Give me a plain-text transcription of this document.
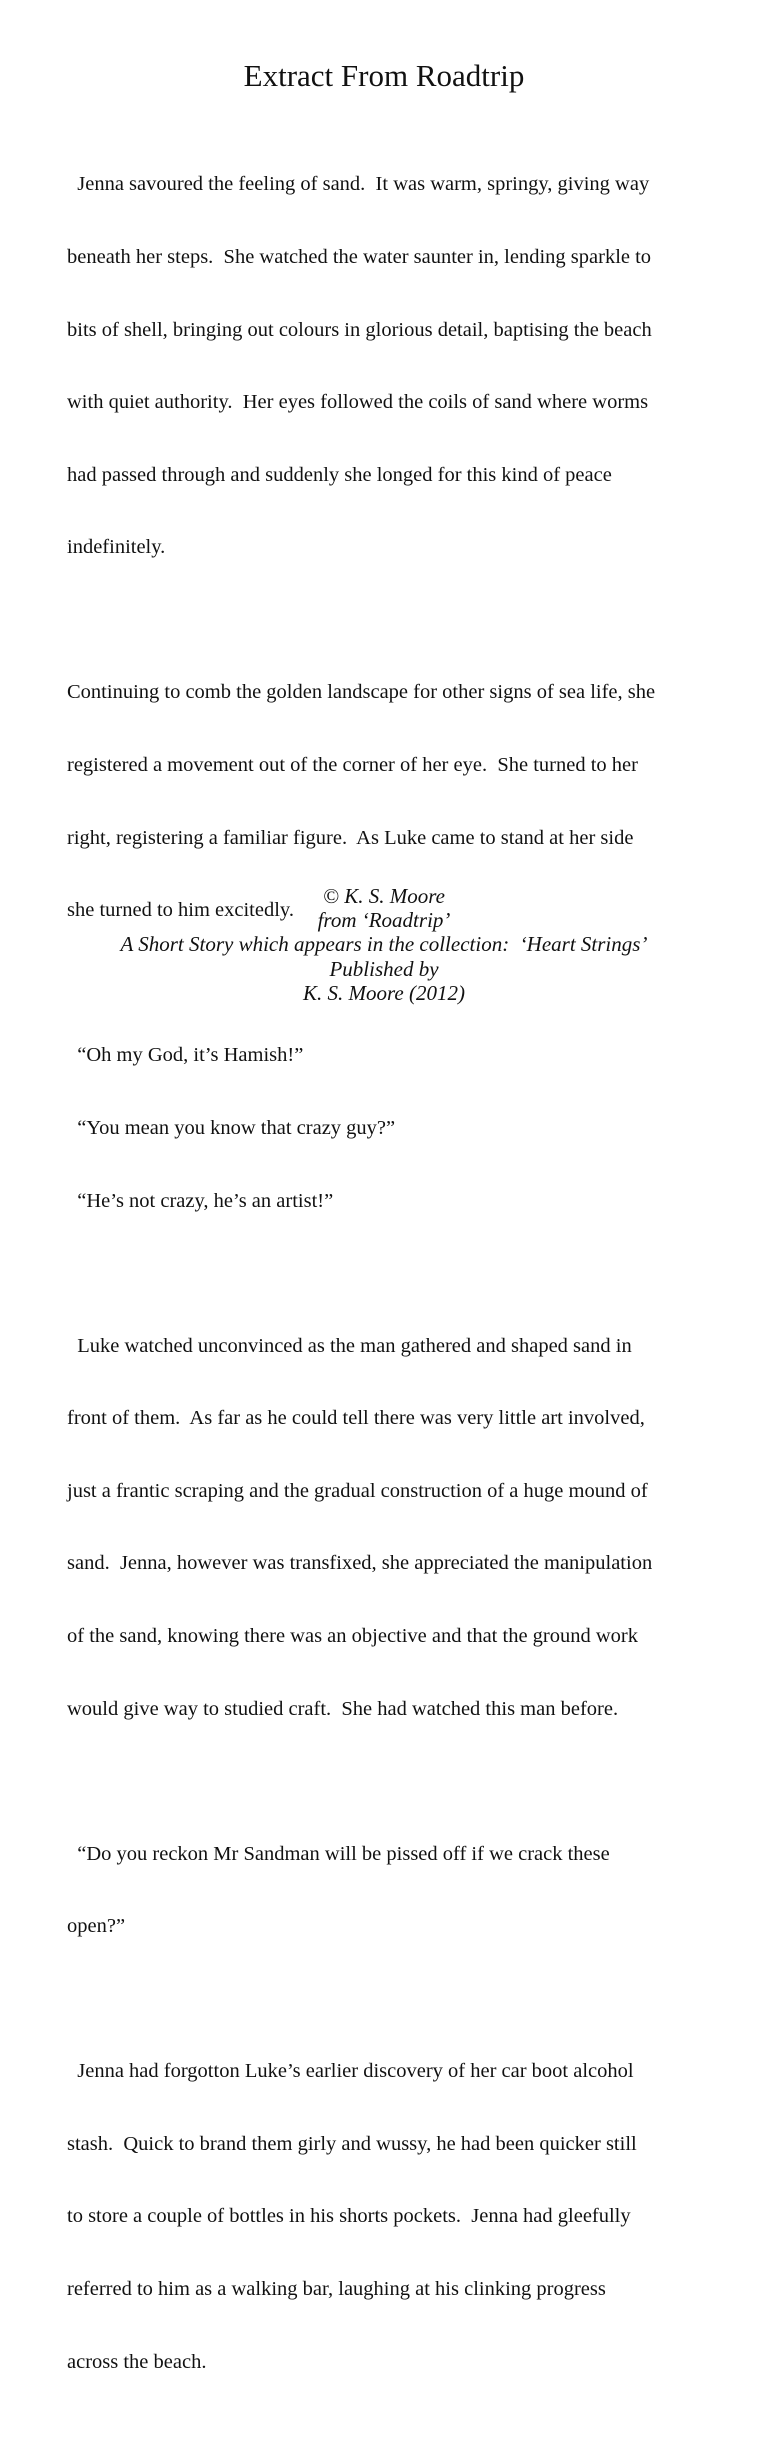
Extract From Roadtrip

Jenna savoured the feeling of sand.  It was warm, springy, giving way

beneath her steps.  She watched the water saunter in, lending sparkle to

bits of shell, bringing out colours in glorious detail, baptising the beach

with quiet authority.  Her eyes followed the coils of sand where worms

had passed through and suddenly she longed for this kind of peace

indefinitely.

Continuing to comb the golden landscape for other signs of sea life, she

registered a movement out of the corner of her eye.  She turned to her

right, registering a familiar figure.  As Luke came to stand at her side

she turned to him excitedly.

“Oh my God, it’s Hamish!”

“You mean you know that crazy guy?”

“He’s not crazy, he’s an artist!”

Luke watched unconvinced as the man gathered and shaped sand in

front of them.  As far as he could tell there was very little art involved,

just a frantic scraping and the gradual construction of a huge mound of

sand.  Jenna, however was transfixed, she appreciated the manipulation

of the sand, knowing there was an objective and that the ground work

would give way to studied craft.  She had watched this man before.

“Do you reckon Mr Sandman will be pissed off if we crack these

open?”

Jenna had forgotton Luke’s earlier discovery of her car boot alcohol

stash.  Quick to brand them girly and wussy, he had been quicker still

to store a couple of bottles in his shorts pockets.  Jenna had gleefully

referred to him as a walking bar, laughing at his clinking progress

across the beach.

© K. S. Moore
from ‘Roadtrip’
A Short Story which appears in the collection:  ‘Heart Strings’
Published by
K. S. Moore (2012)
